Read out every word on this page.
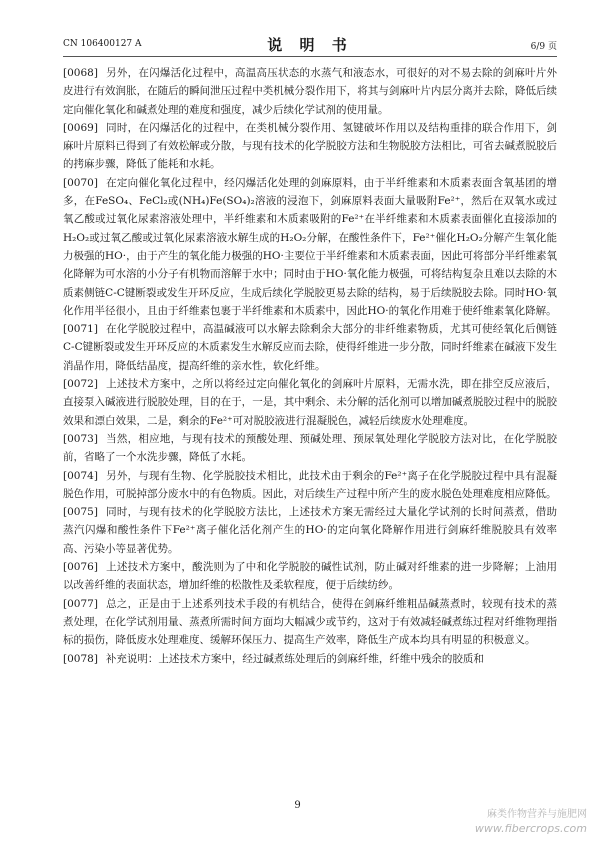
CN 106400127 A	说 明 书	6/9 页

[0068] 另外，在闪爆活化过程中，高温高压状态的水蒸气和液态水，可很好的对不易去除的剑麻叶片外皮进行有效润胀，在随后的瞬间泄压过程中类机械分裂作用下，将其与剑麻叶片内层分离并去除，降低后续定向催化氧化和碱煮处理的难度和强度，减少后续化学试剂的使用量。

[0069] 同时，在闪爆活化的过程中，在类机械分裂作用、氢键破坏作用以及结构重排的联合作用下，剑麻叶片原料已得到了有效松解或分散，与现有技术的化学脱胶方法和生物脱胶方法相比，可省去碱煮脱胶后的拷麻步骤，降低了能耗和水耗。

[0070] 在定向催化氧化过程中，经闪爆活化处理的剑麻原料，由于半纤维素和木质素表面含氧基团的增多，在FeSO₄、FeCl₂或(NH₄)Fe(SO₄)₂溶液的浸泡下，剑麻原料表面大量吸附Fe²⁺，然后在双氧水或过氧乙酸或过氧化尿素溶液处理中，半纤维素和木质素吸附的Fe²⁺在半纤维素和木质素表面催化直接添加的H₂O₂或过氧乙酸或过氧化尿素溶液水解生成的H₂O₂分解，在酸性条件下，Fe²⁺催化H₂O₂分解产生氧化能力极强的HO·，由于产生的氧化能力极强的HO·主要位于半纤维素和木质素表面，因此可将部分半纤维素氧化降解为可水溶的小分子有机物而溶解于水中；同时由于HO·氧化能力极强，可将结构复杂且难以去除的木质素侧链C-C键断裂或发生开环反应，生成后续化学脱胶更易去除的结构，易于后续脱胶去除。同时HO·氧化作用半径很小，且由于纤维素包裹于半纤维素和木质素中，因此HO·的氧化作用难于使纤维素氧化降解。

[0071] 在化学脱胶过程中，高温碱液可以水解去除剩余大部分的非纤维素物质，尤其可使经氧化后侧链C-C键断裂或发生开环反应的木质素发生水解反应而去除，使得纤维进一步分散，同时纤维素在碱液下发生消晶作用，降低结晶度，提高纤维的亲水性，软化纤维。

[0072] 上述技术方案中，之所以将经过定向催化氧化的剑麻叶片原料，无需水洗，即在排空反应液后，直接泵入碱液进行脱胶处理，目的在于，一是，其中剩余、未分解的活化剂可以增加碱煮脱胶过程中的脱胶效果和漂白效果，二是，剩余的Fe²⁺可对脱胶液进行混凝脱色，减轻后续废水处理难度。

[0073] 当然，相应地，与现有技术的预酸处理、预碱处理、预尿氧处理化学脱胶方法对比，在化学脱胶前，省略了一个水洗步骤，降低了水耗。

[0074] 另外，与现有生物、化学脱胶技术相比，此技术由于剩余的Fe²⁺离子在化学脱胶过程中具有混凝脱色作用，可脱掉部分废水中的有色物质。因此，对后续生产过程中所产生的废水脱色处理难度相应降低。

[0075] 同时，与现有技术的化学脱胶方法比，上述技术方案无需经过大量化学试剂的长时间蒸煮，借助蒸汽闪爆和酸性条件下Fe²⁺离子催化活化剂产生的HO·的定向氧化降解作用进行剑麻纤维脱胶具有效率高、污染小等显著优势。

[0076] 上述技术方案中，酸洗则为了中和化学脱胶的碱性试剂，防止碱对纤维素的进一步降解；上油用以改善纤维的表面状态，增加纤维的松散性及柔软程度，便于后续纺纱。

[0077] 总之，正是由于上述系列技术手段的有机结合，使得在剑麻纤维粗品碱蒸煮时，较现有技术的蒸煮处理，在化学试剂用量、蒸煮所需时间方面均大幅减少或节约，这对于有效减轻碱煮练过程对纤维物理指标的损伤，降低废水处理难度、缓解环保压力、提高生产效率，降低生产成本均具有明显的积极意义。

[0078] 补充说明：上述技术方案中，经过碱煮练处理后的剑麻纤维，纤维中残余的胶质和

9
麻类作物营养与施肥网
www.fibercrops.com
